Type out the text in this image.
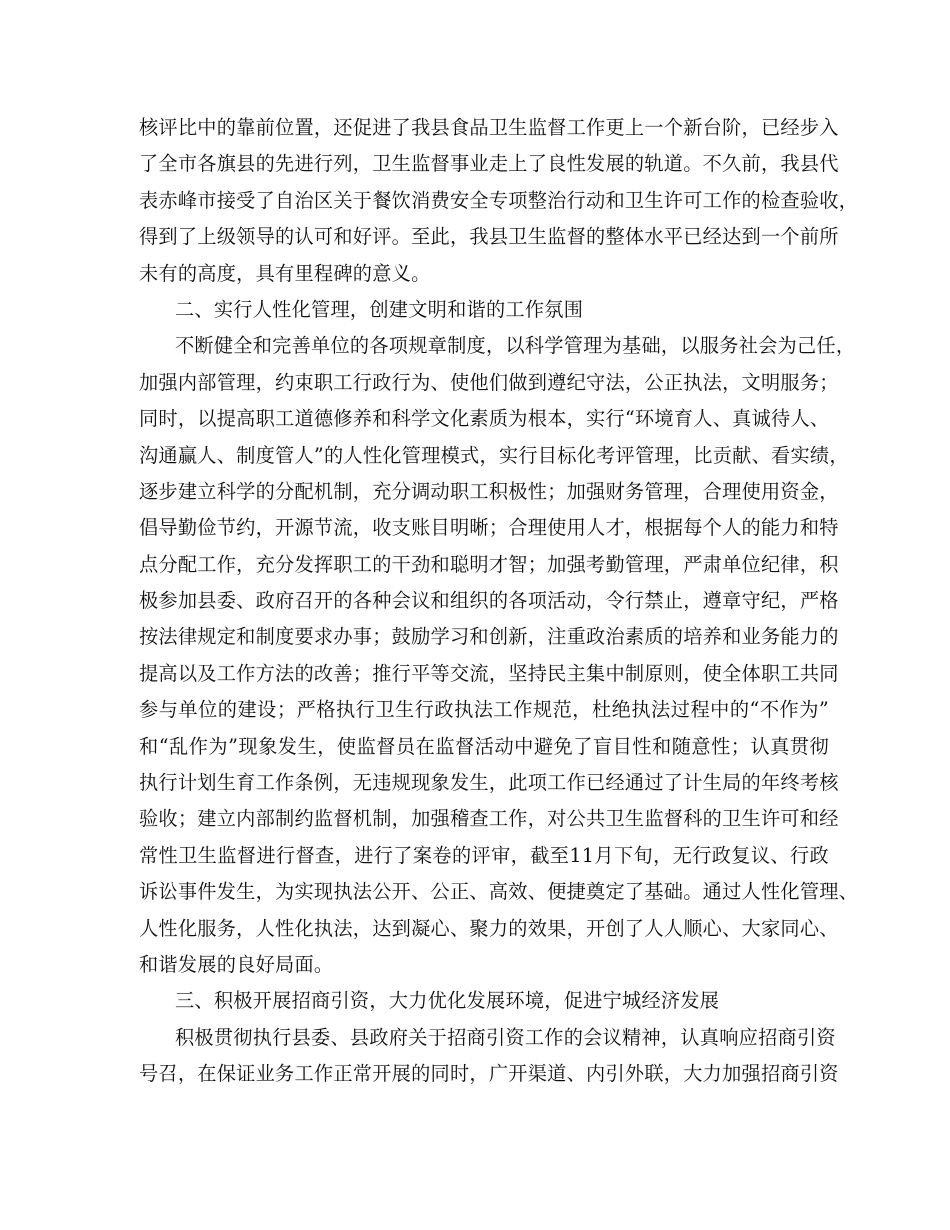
核评比中的靠前位置，还促进了我县食品卫生监督工作更上一个新台阶，已经步入
了全市各旗县的先进行列，卫生监督事业走上了良性发展的轨道。不久前，我县代
表赤峰市接受了自治区关于餐饮消费安全专项整治行动和卫生许可工作的检查验收，
得到了上级领导的认可和好评。至此，我县卫生监督的整体水平已经达到一个前所
未有的高度，具有里程碑的意义。
二、实行人性化管理，创建文明和谐的工作氛围
不断健全和完善单位的各项规章制度，以科学管理为基础，以服务社会为己任，
加强内部管理，约束职工行政行为、使他们做到遵纪守法，公正执法，文明服务；
同时，以提高职工道德修养和科学文化素质为根本，实行“环境育人、真诚待人、
沟通赢人、制度管人”的人性化管理模式，实行目标化考评管理，比贡献、看实绩，
逐步建立科学的分配机制，充分调动职工积极性；加强财务管理，合理使用资金，
倡导勤俭节约，开源节流，收支账目明晰；合理使用人才，根据每个人的能力和特
点分配工作，充分发挥职工的干劲和聪明才智；加强考勤管理，严肃单位纪律，积
极参加县委、政府召开的各种会议和组织的各项活动，令行禁止，遵章守纪，严格
按法律规定和制度要求办事；鼓励学习和创新，注重政治素质的培养和业务能力的
提高以及工作方法的改善；推行平等交流，坚持民主集中制原则，使全体职工共同
参与单位的建设；严格执行卫生行政执法工作规范，杜绝执法过程中的“不作为”
和“乱作为”现象发生，使监督员在监督活动中避免了盲目性和随意性；认真贯彻
执行计划生育工作条例，无违规现象发生，此项工作已经通过了计生局的年终考核
验收；建立内部制约监督机制，加强稽查工作，对公共卫生监督科的卫生许可和经
常性卫生监督进行督查，进行了案卷的评审，截至11月下旬，无行政复议、行政
诉讼事件发生，为实现执法公开、公正、高效、便捷奠定了基础。通过人性化管理、
人性化服务，人性化执法，达到凝心、聚力的效果，开创了人人顺心、大家同心、
和谐发展的良好局面。
三、积极开展招商引资，大力优化发展环境，促进宁城经济发展
积极贯彻执行县委、县政府关于招商引资工作的会议精神，认真响应招商引资
号召，在保证业务工作正常开展的同时，广开渠道、内引外联，大力加强招商引资
